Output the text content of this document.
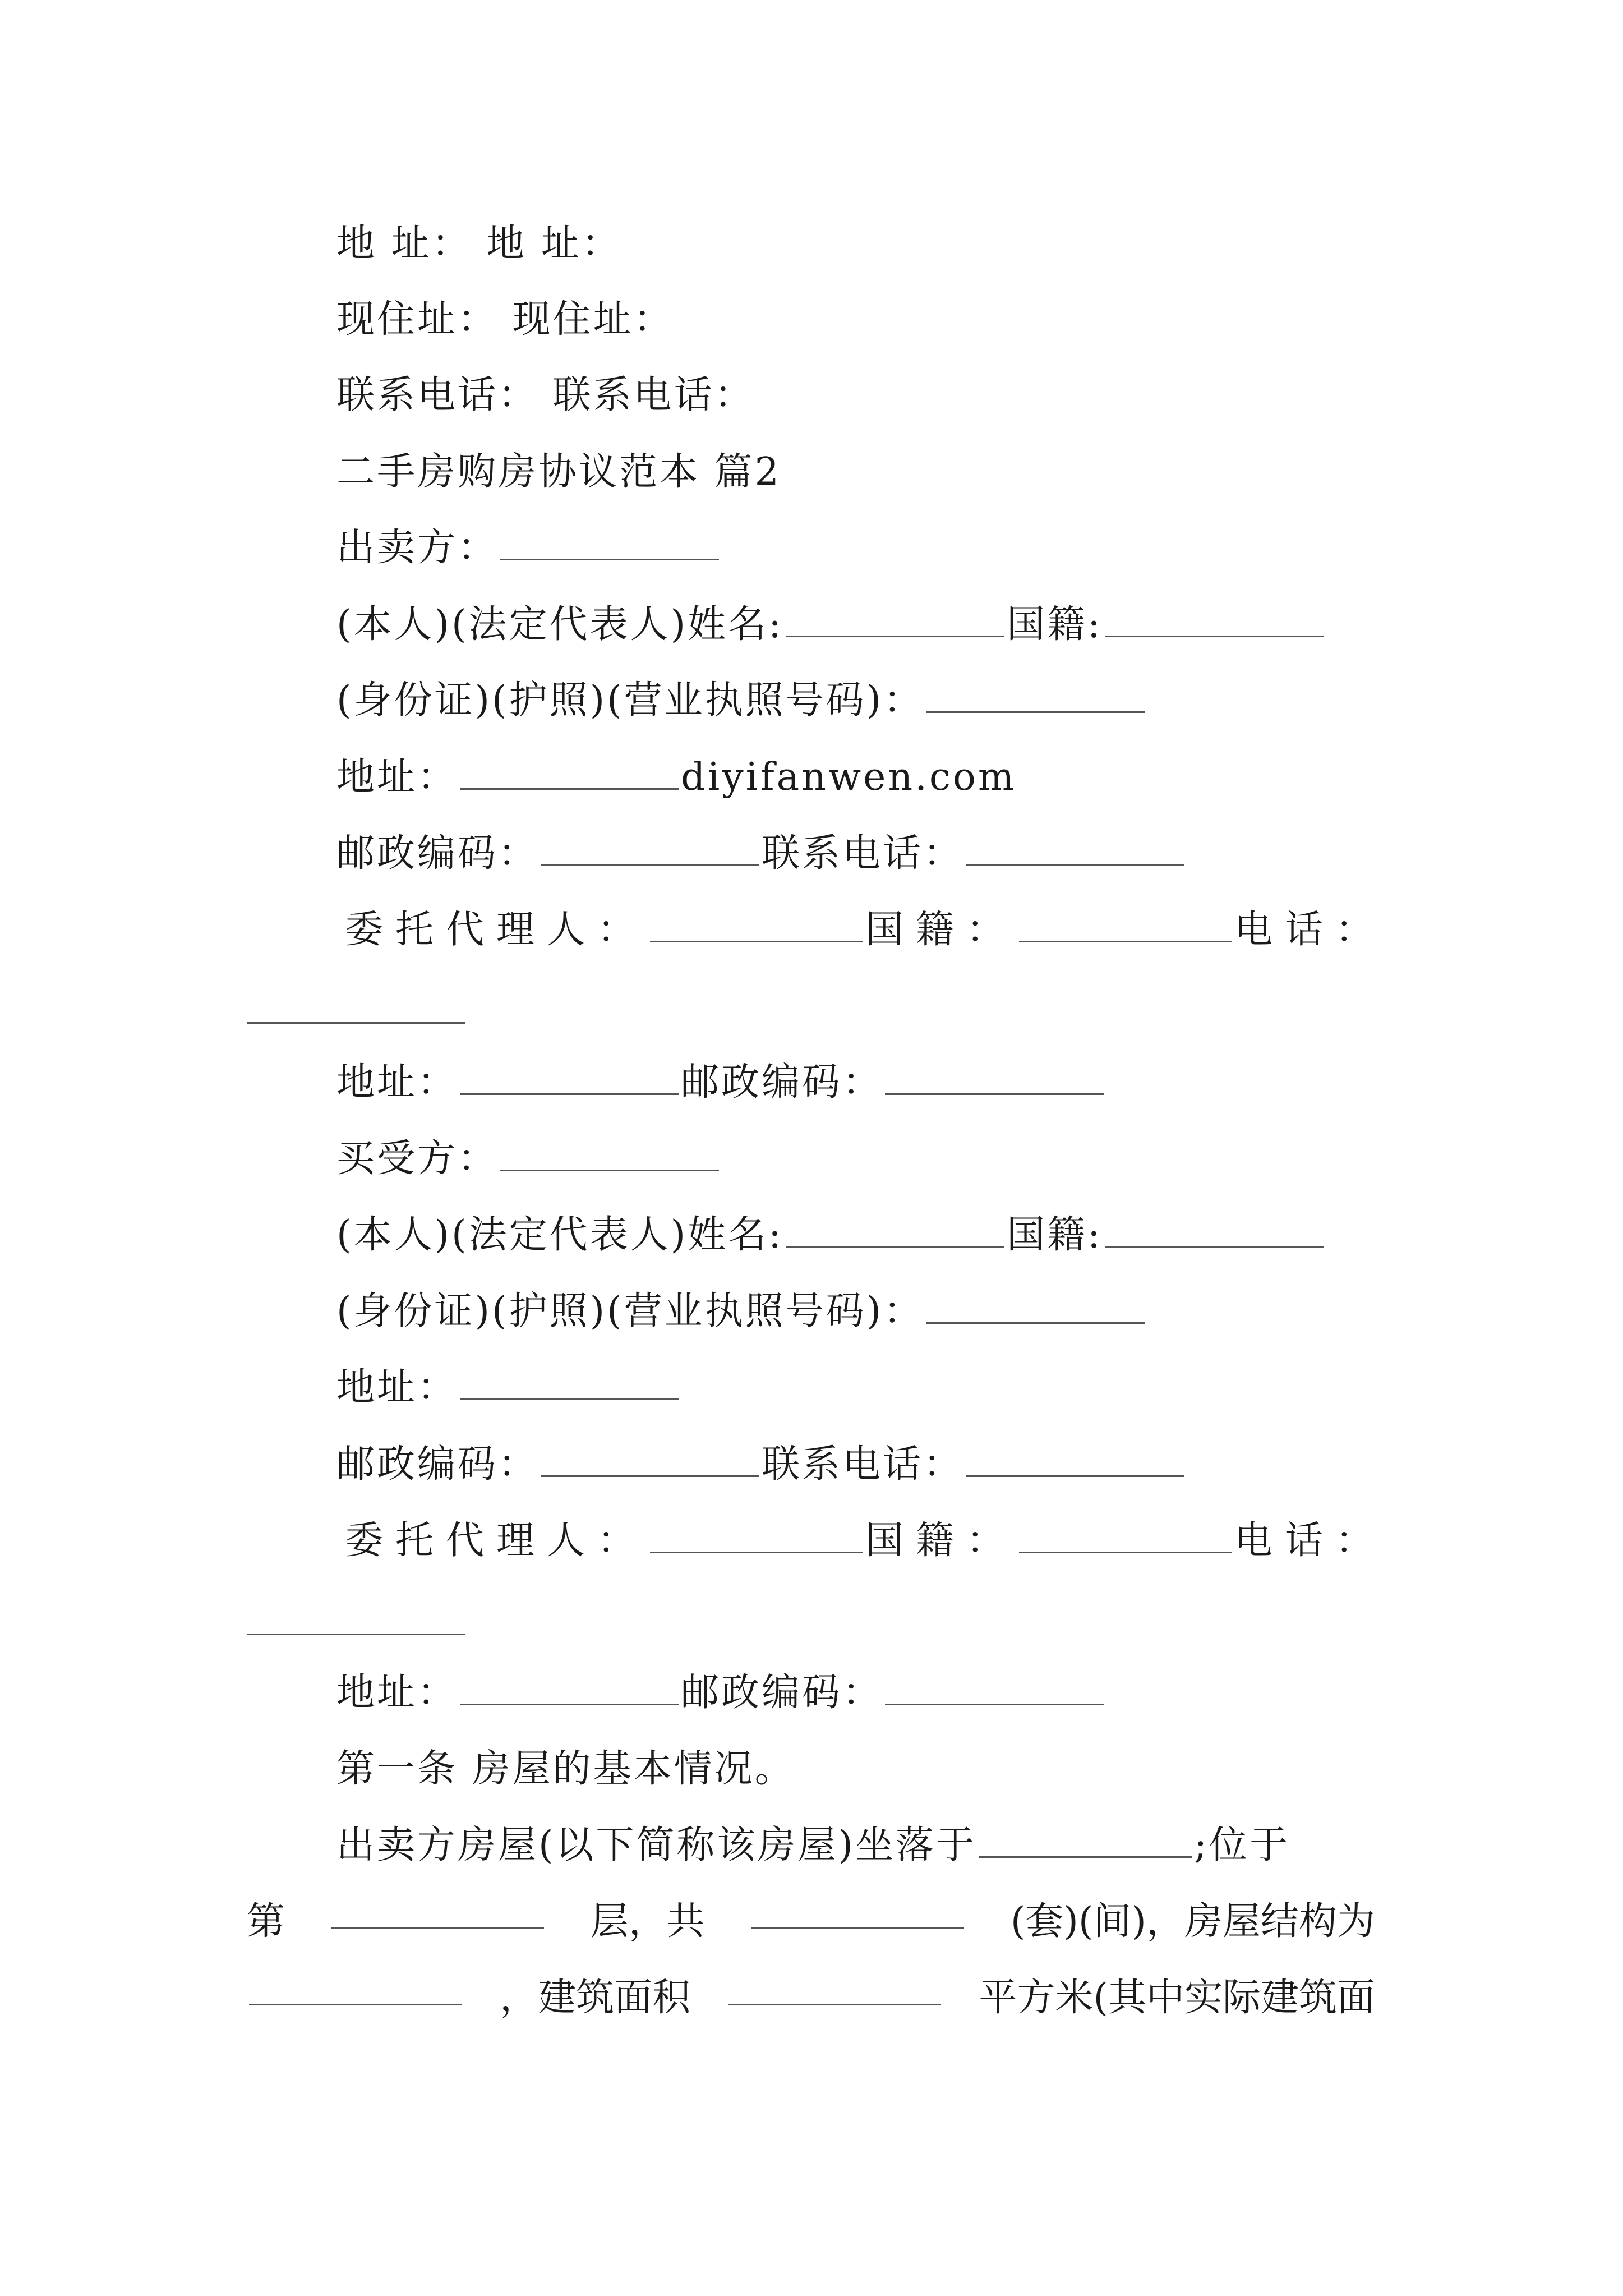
地 址： 地 址：
现住址： 现住址：
联系电话： 联系电话：
二手房购房协议范本 篇2
出卖方：
(本人)(法定代表人)姓名:	国籍:
(身份证)(护照)(营业执照号码)：
地址：	diyifanwen.com
邮政编码：	联系电话：
委托代理人：	国籍：	电话：
地址：	邮政编码：
买受方：
(本人)(法定代表人)姓名:	国籍:
(身份证)(护照)(营业执照号码)：
地址：
邮政编码：	联系电话：
委托代理人：	国籍：	电话：
地址：	邮政编码：
第一条 房屋的基本情况。
出卖方房屋(以下简称该房屋)坐落于	;位于
第	层，共	(套)(间)，房屋结构为
，建筑面积	平方米(其中实际建筑面
